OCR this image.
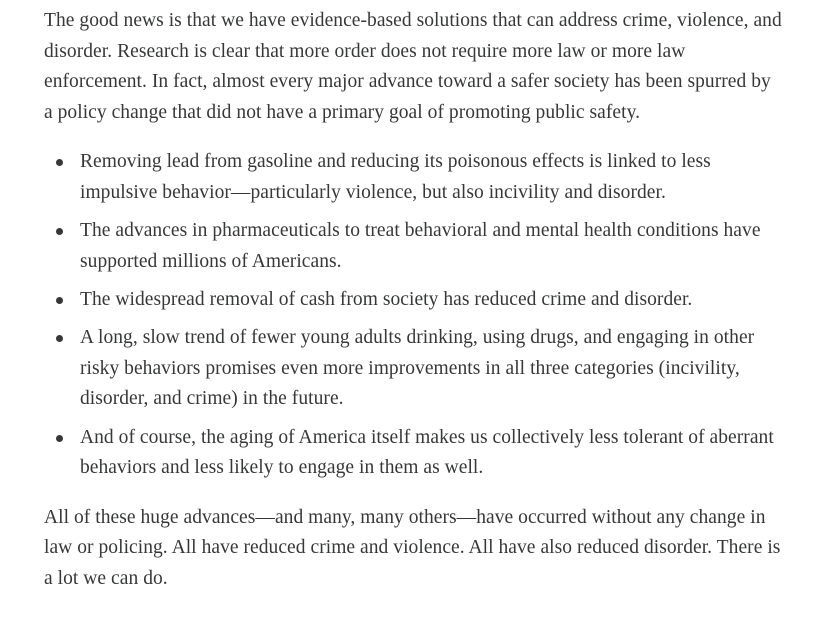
The good news is that we have evidence-based solutions that can address crime, violence, and disorder. Research is clear that more order does not require more law or more law enforcement. In fact, almost every major advance toward a safer society has been spurred by a policy change that did not have a primary goal of promoting public safety.

Removing lead from gasoline and reducing its poisonous effects is linked to less impulsive behavior—particularly violence, but also incivility and disorder.
The advances in pharmaceuticals to treat behavioral and mental health conditions have supported millions of Americans.
The widespread removal of cash from society has reduced crime and disorder.
A long, slow trend of fewer young adults drinking, using drugs, and engaging in other risky behaviors promises even more improvements in all three categories (incivility, disorder, and crime) in the future.
And of course, the aging of America itself makes us collectively less tolerant of aberrant behaviors and less likely to engage in them as well.

All of these huge advances—and many, many others—have occurred without any change in law or policing. All have reduced crime and violence. All have also reduced disorder. There is a lot we can do.
